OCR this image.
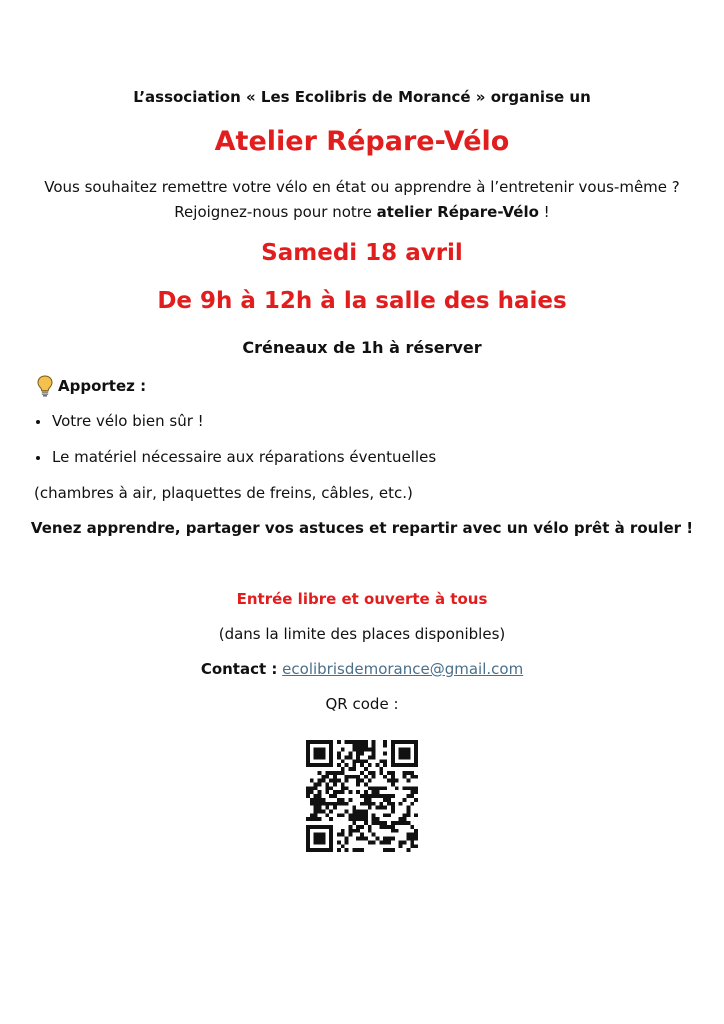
L’association « Les Ecolibris de Morancé » organise un
Atelier Répare-Vélo
Vous souhaitez remettre votre vélo en état ou apprendre à l’entretenir vous-même ?
Rejoignez-nous pour notre atelier Répare-Vélo !
Samedi 18 avril
De 9h à 12h à la salle des haies
Créneaux de 1h à réserver
Apportez :
Votre vélo bien sûr !
Le matériel nécessaire aux réparations éventuelles
(chambres à air, plaquettes de freins, câbles, etc.)
Venez apprendre, partager vos astuces et repartir avec un vélo prêt à rouler !
Entrée libre et ouverte à tous
(dans la limite des places disponibles)
Contact : ecolibrisdemorance@gmail.com
QR code :
